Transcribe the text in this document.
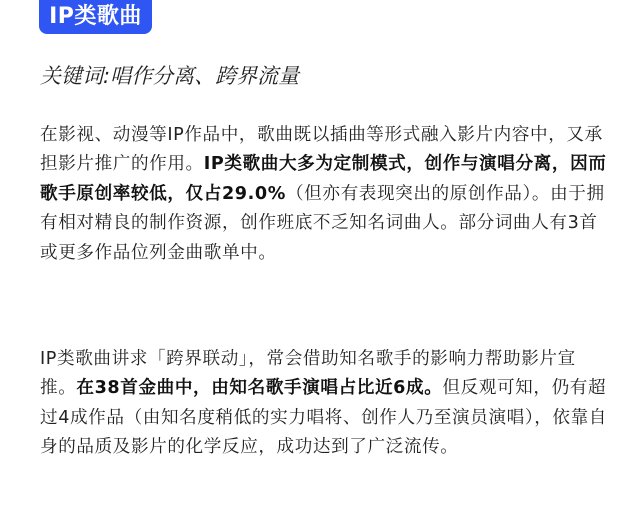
IP类歌曲
关键词:唱作分离、跨界流量

在影视、动漫等IP作品中，歌曲既以插曲等形式融入影片内容中，又承担影片推广的作用。IP类歌曲大多为定制模式，创作与演唱分离，因而歌手原创率较低，仅占29.0%（但亦有表现突出的原创作品）。由于拥有相对精良的制作资源，创作班底不乏知名词曲人。部分词曲人有3首或更多作品位列金曲歌单中。

IP类歌曲讲求「跨界联动」，常会借助知名歌手的影响力帮助影片宣推。在38首金曲中，由知名歌手演唱占比近6成。但反观可知，仍有超过4成作品（由知名度稍低的实力唱将、创作人乃至演员演唱），依靠自身的品质及影片的化学反应，成功达到了广泛流传。
